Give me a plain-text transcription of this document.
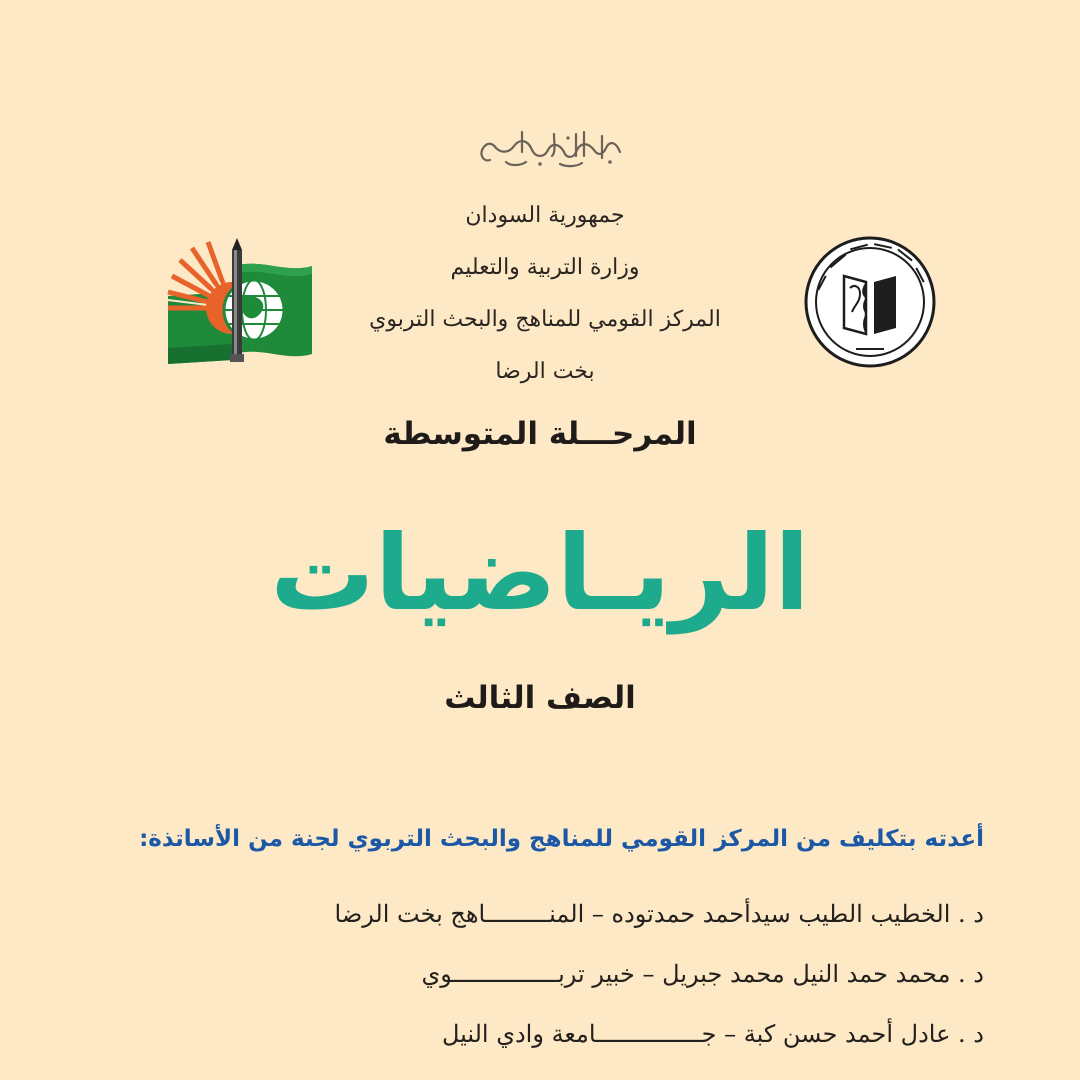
جمهورية السودان
وزارة التربية والتعليم
المركز القومي للمناهج والبحث التربوي
بخت الرضا
المرحـــلة المتوسطة
الريـاضيات
الصف الثالث
أعدته بتكليف من المركز القومي للمناهج والبحث التربوي لجنة من الأساتذة:
د . الخطيب الطيب سيدأحمد حمدتوده – المنـــــــــاهج بخت الرضا
د . محمد حمد النيل محمد جبريل – خبير تربـــــــــــــــوي
د . عادل أحمد حسن كبة – جـــــــــــــــامعة وادي النيل
